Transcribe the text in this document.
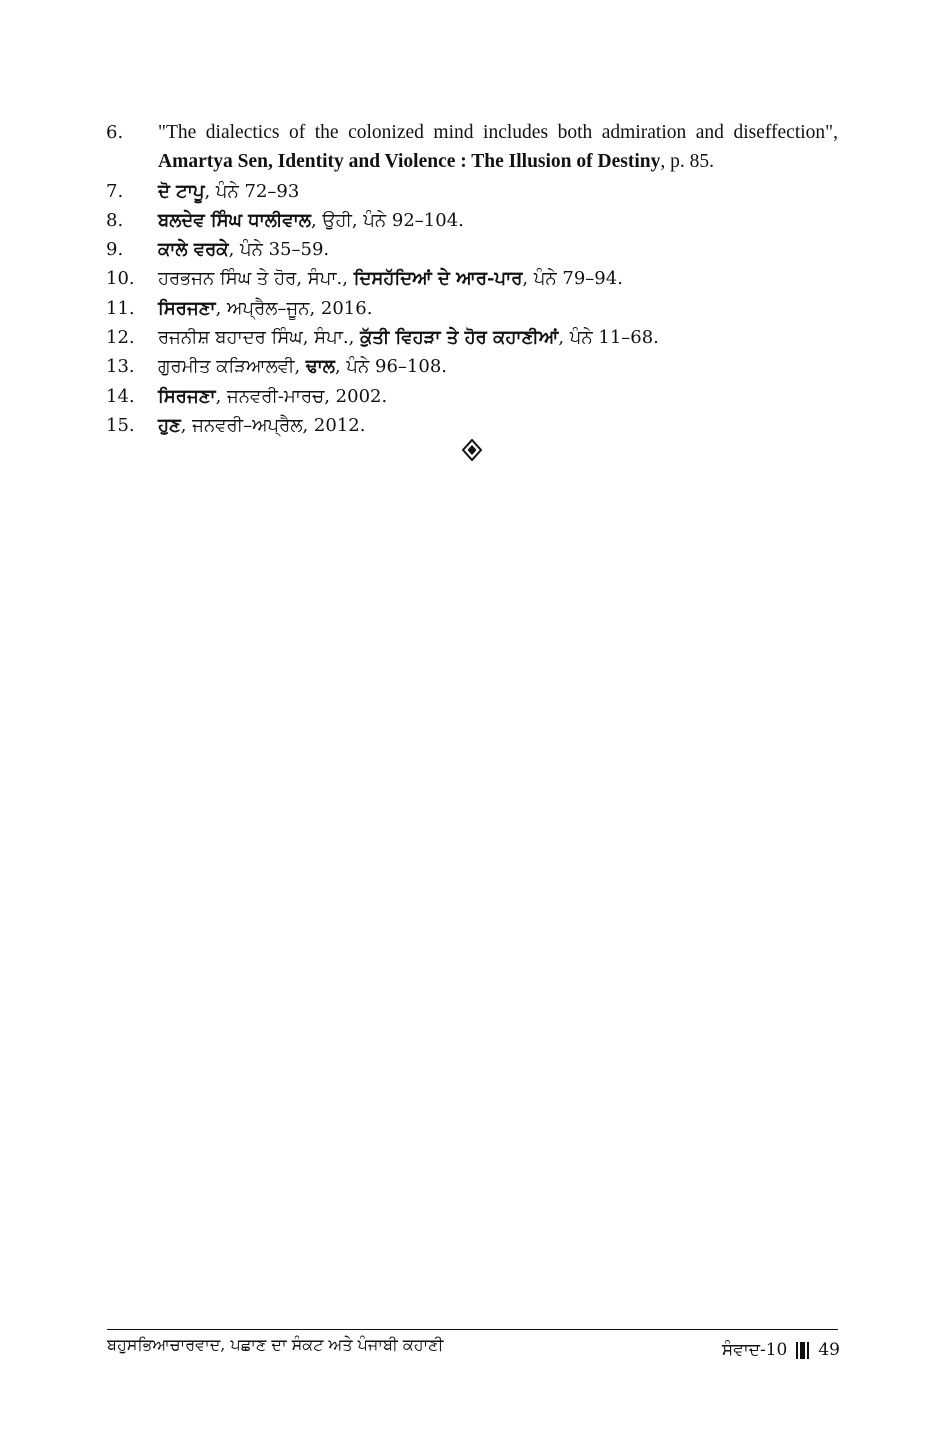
6.	"The dialectics of the colonized mind includes both admiration and diseffection",
Amartya Sen, Identity and Violence : The Illusion of Destiny, p. 85.
7.	ਦੋ ਟਾਪੂ, ਪੰਨੇ 72–93
8.	ਬਲਦੇਵ ਸਿੰਘ ਧਾਲੀਵਾਲ, ਉਹੀ, ਪੰਨੇ 92–104.
9.	ਕਾਲੇ ਵਰਕੇ, ਪੰਨੇ 35–59.
10.	ਹਰਭਜਨ ਸਿੰਘ ਤੇ ਹੋਰ, ਸੰਪਾ., ਦਿਸਹੱਦਿਆਂ ਦੇ ਆਰ-ਪਾਰ, ਪੰਨੇ 79–94.
11.	ਸਿਰਜਣਾ, ਅਪ੍ਰੈਲ–ਜੂਨ, 2016.
12.	ਰਜਨੀਸ਼ ਬਹਾਦਰ ਸਿੰਘ, ਸੰਪਾ., ਕੁੱਤੀ ਵਿਹੜਾ ਤੇ ਹੋਰ ਕਹਾਣੀਆਂ, ਪੰਨੇ 11–68.
13.	ਗੁਰਮੀਤ ਕੜਿਆਲਵੀ, ਢਾਲ, ਪੰਨੇ 96–108.
14.	ਸਿਰਜਣਾ, ਜਨਵਰੀ-ਮਾਰਚ, 2002.
15.	ਹੁਣ, ਜਨਵਰੀ–ਅਪ੍ਰੈਲ, 2012.
ਬਹੁਸਭਿਆਚਾਰਵਾਦ, ਪਛਾਣ ਦਾ ਸੰਕਟ ਅਤੇ ਪੰਜਾਬੀ ਕਹਾਣੀ	ਸੰਵਾਦ-10 49
